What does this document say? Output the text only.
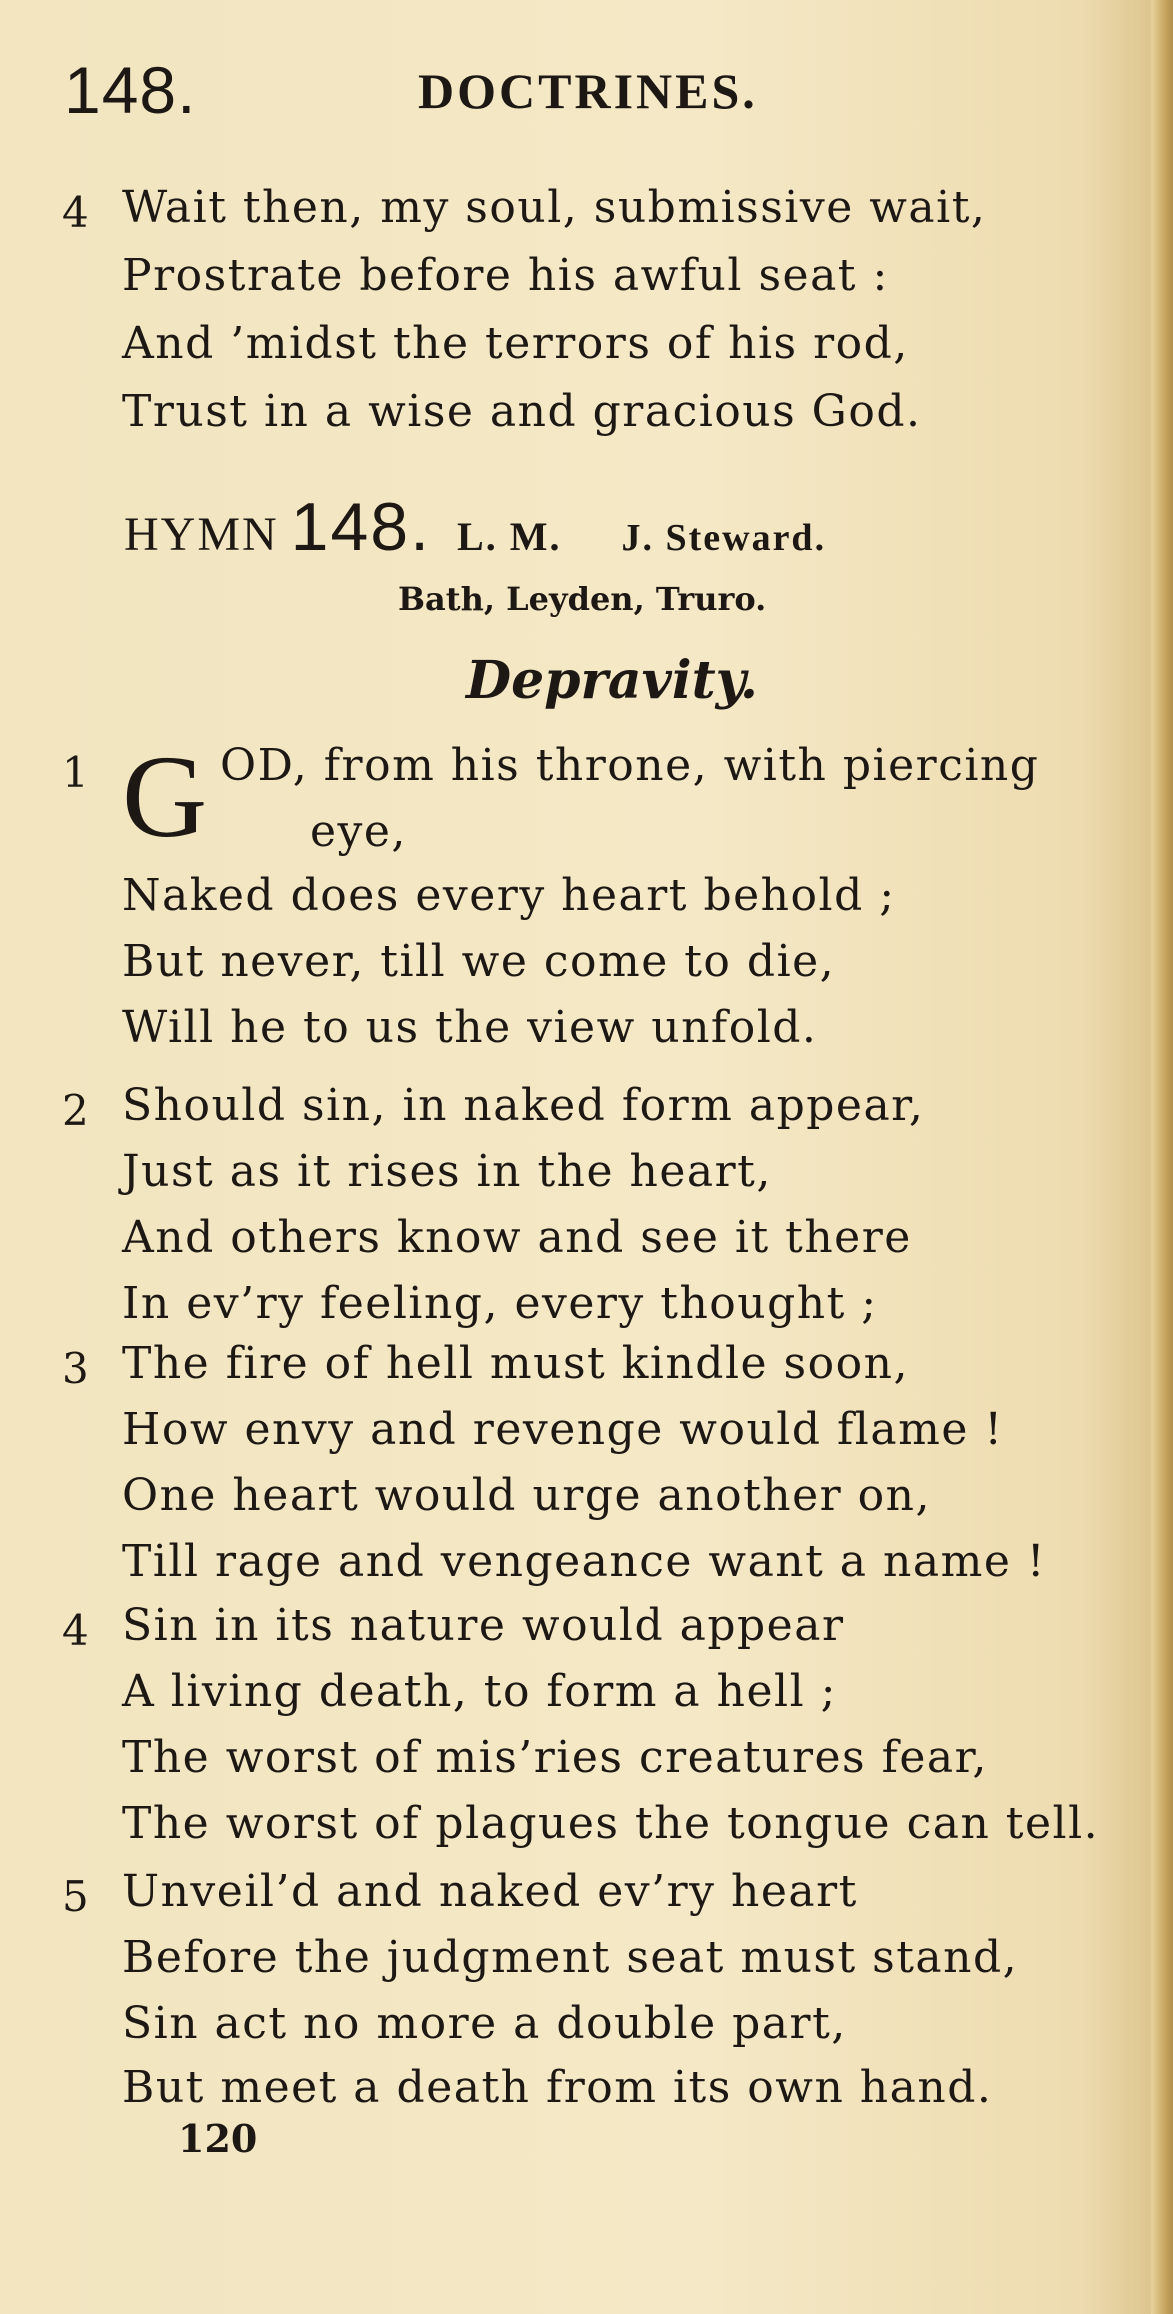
148.	DOCTRINES.
4 Wait then, my soul, submissive wait,
Prostrate before his awful seat :
And ’midst the terrors of his rod,
Trust in a wise and gracious God.
HYMN 148. L. M. J. Steward.
Bath, Leyden, Truro.
Depravity.
1 G OD, from his throne, with piercing
eye,
Naked does every heart behold ;
But never, till we come to die,
Will he to us the view unfold.
2 Should sin, in naked form appear,
Just as it rises in the heart,
And others know and see it there
In ev’ry feeling, every thought ;
3 The fire of hell must kindle soon,
How envy and revenge would flame !
One heart would urge another on,
Till rage and vengeance want a name !
4 Sin in its nature would appear
A living death, to form a hell ;
The worst of mis’ries creatures fear,
The worst of plagues the tongue can tell.
5 Unveil’d and naked ev’ry heart
Before the judgment seat must stand,
Sin act no more a double part,
But meet a death from its own hand.
120
